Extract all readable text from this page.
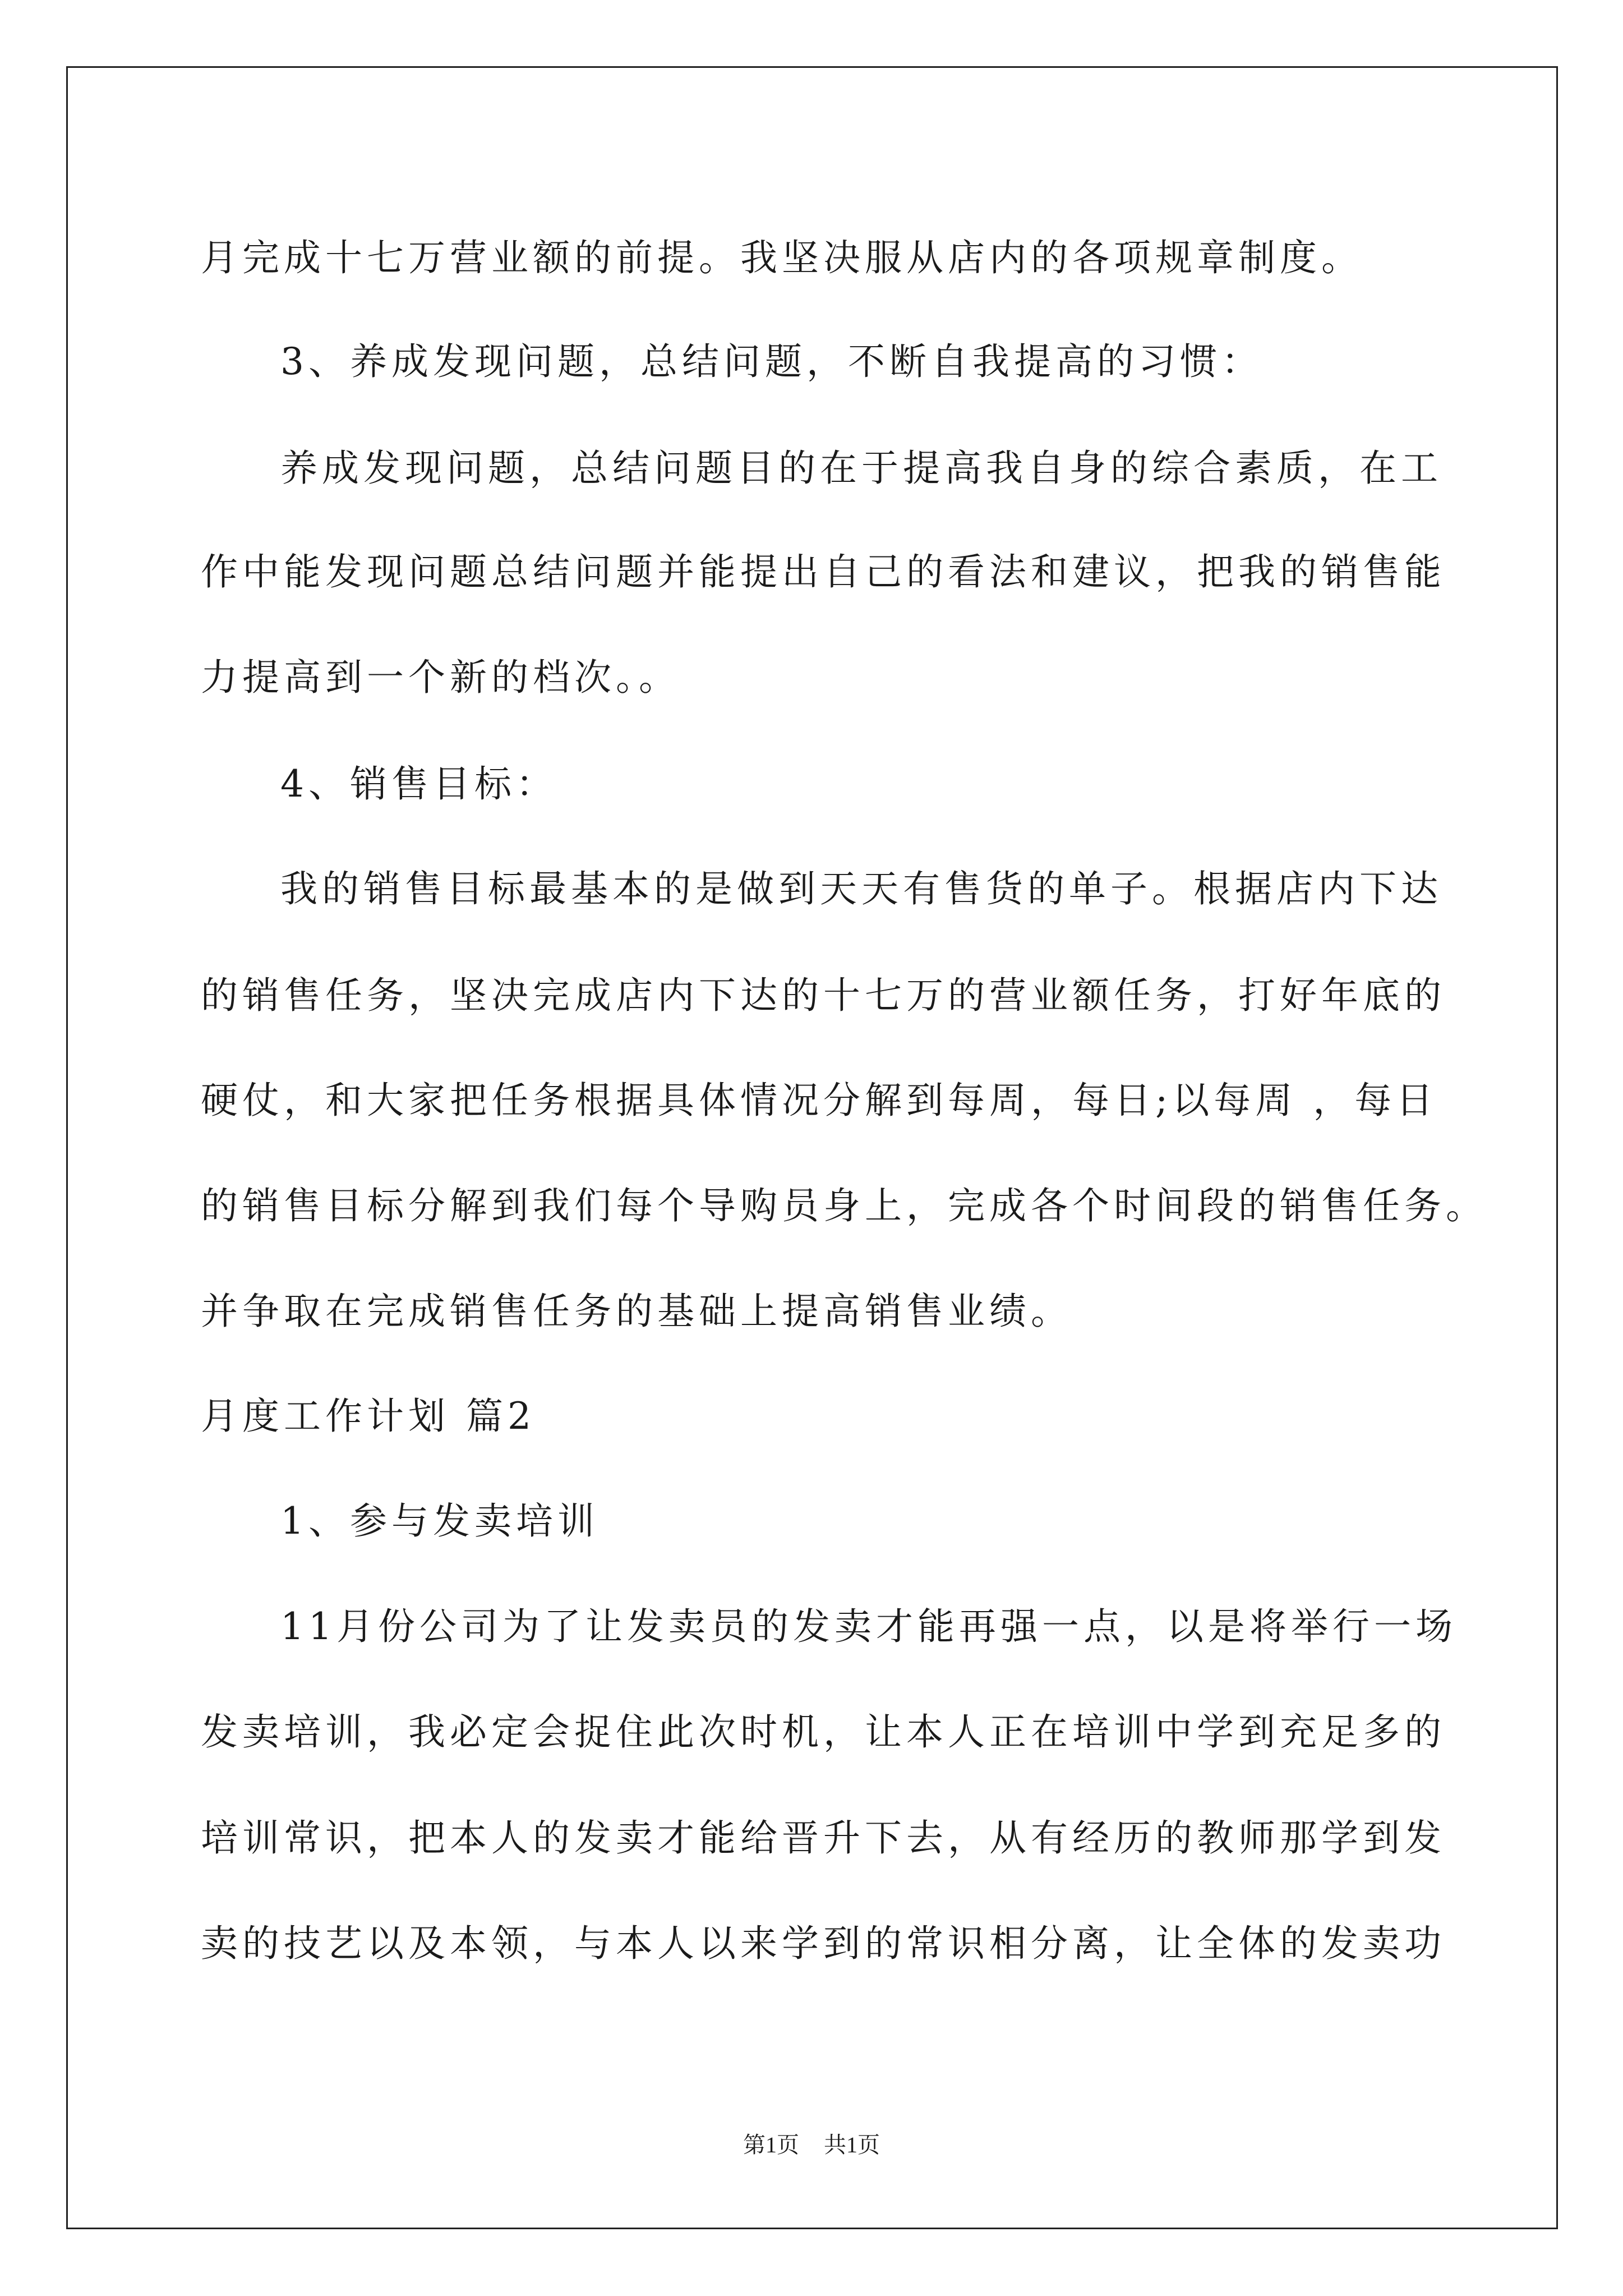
月完成十七万营业额的前提。我坚决服从店内的各项规章制度。
3、养成发现问题，总结问题，不断自我提高的习惯：
养成发现问题，总结问题目的在于提高我自身的综合素质，在工
作中能发现问题总结问题并能提出自己的看法和建议，把我的销售能
力提高到一个新的档次。。
4、销售目标：
我的销售目标最基本的是做到天天有售货的单子。根据店内下达
的销售任务，坚决完成店内下达的十七万的营业额任务，打好年底的
硬仗，和大家把任务根据具体情况分解到每周，每日;以每周 ，每日
的销售目标分解到我们每个导购员身上，完成各个时间段的销售任务。
并争取在完成销售任务的基础上提高销售业绩。
月度工作计划 篇2
1、参与发卖培训
11月份公司为了让发卖员的发卖才能再强一点，以是将举行一场
发卖培训，我必定会捉住此次时机，让本人正在培训中学到充足多的
培训常识，把本人的发卖才能给晋升下去，从有经历的教师那学到发
卖的技艺以及本领，与本人以来学到的常识相分离，让全体的发卖功
第1页 共1页
